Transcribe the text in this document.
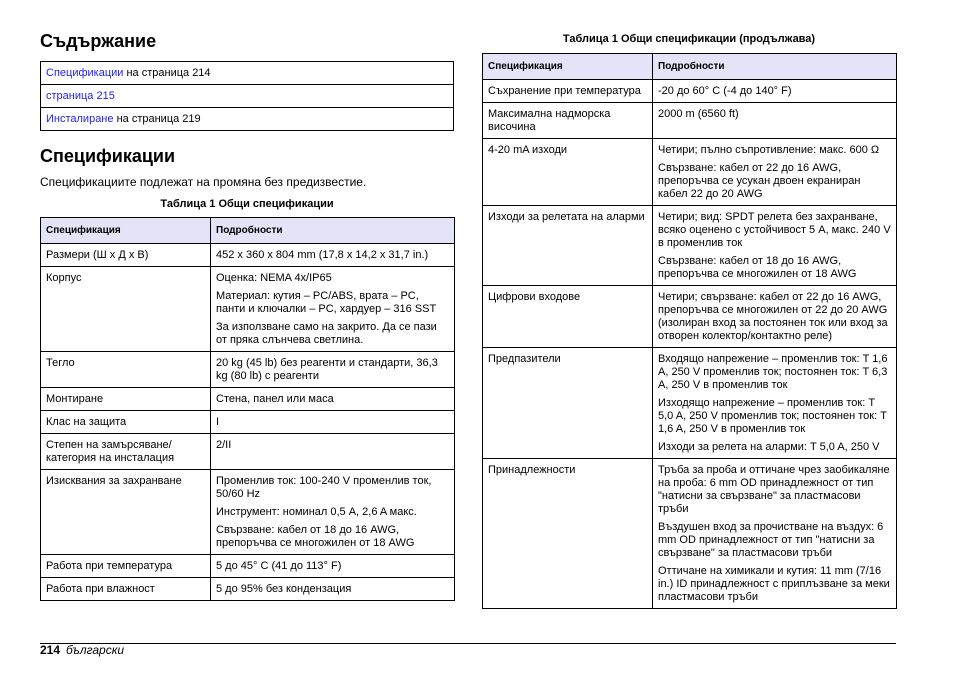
Съдържание
Спецификации на страница 214
страница 215
Инсталиране на страница 219
Спецификации
Спецификациите подлежат на промяна без предизвестие.
Таблица 1 Общи спецификации
Спецификация	Подробности
Размери (Ш x Д x В)	452 x 360 x 804 mm (17,8 x 14,2 x 31,7 in.)

Корпус	Оценка: NEMA 4x/IP65

Материал: кутия – PC/ABS, врата – PC, панти и ключалки – PC, хардуер – 316 SST

За използване само на закрито. Да се пази от пряка слънчева светлина.

Тегло	20 kg (45 lb) без реагенти и стандарти, 36,3 kg (80 lb) с реагенти

Монтиране	Стена, панел или маса

Клас на защита	I

Степен на замърсяване/категория на инсталация	2/II

Изисквания за захранване	Променлив ток: 100-240 V променлив ток, 50/60 Hz

Инструмент: номинал 0,5 A, 2,6 A макс.

Свързване: кабел от 18 до 16 AWG, препоръчва се многожилен от 18 AWG

Работа при температура	5 до 45° C (41 до 113° F)

Работа при влажност	5 до 95% без кондензация

Таблица 1 Общи спецификации (продължава)
Спецификация	Подробности
Съхранение при температура	-20 до 60° C (-4 до 140° F)

Максимална надморска височина	2000 m (6560 ft)

4-20 mA изходи	Четири; пълно съпротивление: макс. 600 Ω

Свързване: кабел от 22 до 16 AWG, препоръчва се усукан двоен екраниран кабел 22 до 20 AWG

Изходи за релетата на аларми	Четири; вид: SPDT релета без захранване, всяко оценено с устойчивост 5 A, макс. 240 V в променлив ток

Свързване: кабел от 18 до 16 AWG, препоръчва се многожилен от 18 AWG

Цифрови входове	Четири; свързване: кабел от 22 до 16 AWG, препоръчва се многожилен от 22 до 20 AWG (изолиран вход за постоянен ток или вход за отворен колектор/контактно реле)

Предпазители	Входящо напрежение – променлив ток: T 1,6 A, 250 V променлив ток; постоянен ток: T 6,3 A, 250 V в променлив ток

Изходящо напрежение – променлив ток: T 5,0 A, 250 V променлив ток; постоянен ток: T 1,6 A, 250 V в променлив ток

Изходи за релета на аларми: T 5,0 A, 250 V

Принадлежности	Тръба за проба и оттичане чрез заобикаляне на проба: 6 mm OD принадлежност от тип "натисни за свързване" за пластмасови тръби

Въздушен вход за прочистване на въздух: 6 mm OD принадлежност от тип "натисни за свързване" за пластмасови тръби

Оттичане на химикали и кутия: 11 mm (7/16 in.) ID принадлежност с приплъзване за меки пластмасови тръби

214 български
